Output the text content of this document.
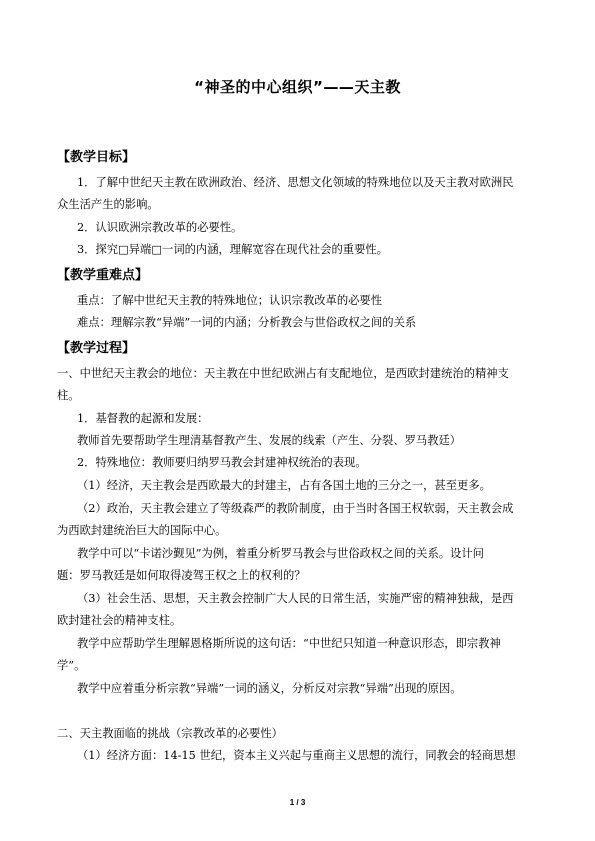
“神圣的中心组织”——天主教
【教学目标】
1．了解中世纪天主教在欧洲政治、经济、思想文化领域的特殊地位以及天主教对欧洲民
众生活产生的影响。
2．认识欧洲宗教改革的必要性。
3．探究□异端□一词的内涵，理解宽容在现代社会的重要性。
【教学重难点】
重点：了解中世纪天主教的特殊地位；认识宗教改革的必要性
难点：理解宗教“异端”一词的内涵；分析教会与世俗政权之间的关系
【教学过程】
一、中世纪天主教会的地位：天主教在中世纪欧洲占有支配地位，是西欧封建统治的精神支
柱。
1．基督教的起源和发展：
教师首先要帮助学生理清基督教产生、发展的线索（产生、分裂、罗马教廷）
2．特殊地位：教师要归纳罗马教会封建神权统治的表现。
（1）经济，天主教会是西欧最大的封建主，占有各国土地的三分之一，甚至更多。
（2）政治，天主教会建立了等级森严的教阶制度，由于当时各国王权软弱，天主教会成
为西欧封建统治巨大的国际中心。
教学中可以“卡诺沙觐见”为例，着重分析罗马教会与世俗政权之间的关系。设计问
题：罗马教廷是如何取得凌驾王权之上的权利的？
（3）社会生活、思想，天主教会控制广大人民的日常生活，实施严密的精神独裁，是西
欧封建社会的精神支柱。
教学中应帮助学生理解恩格斯所说的这句话：“中世纪只知道一种意识形态，即宗教神
学”。
教学中应着重分析宗教“异端”一词的涵义，分析反对宗教“异端”出现的原因。
二、天主教面临的挑战（宗教改革的必要性）
（1）经济方面：14-15 世纪，资本主义兴起与重商主义思想的流行，同教会的轻商思想
1 / 3
